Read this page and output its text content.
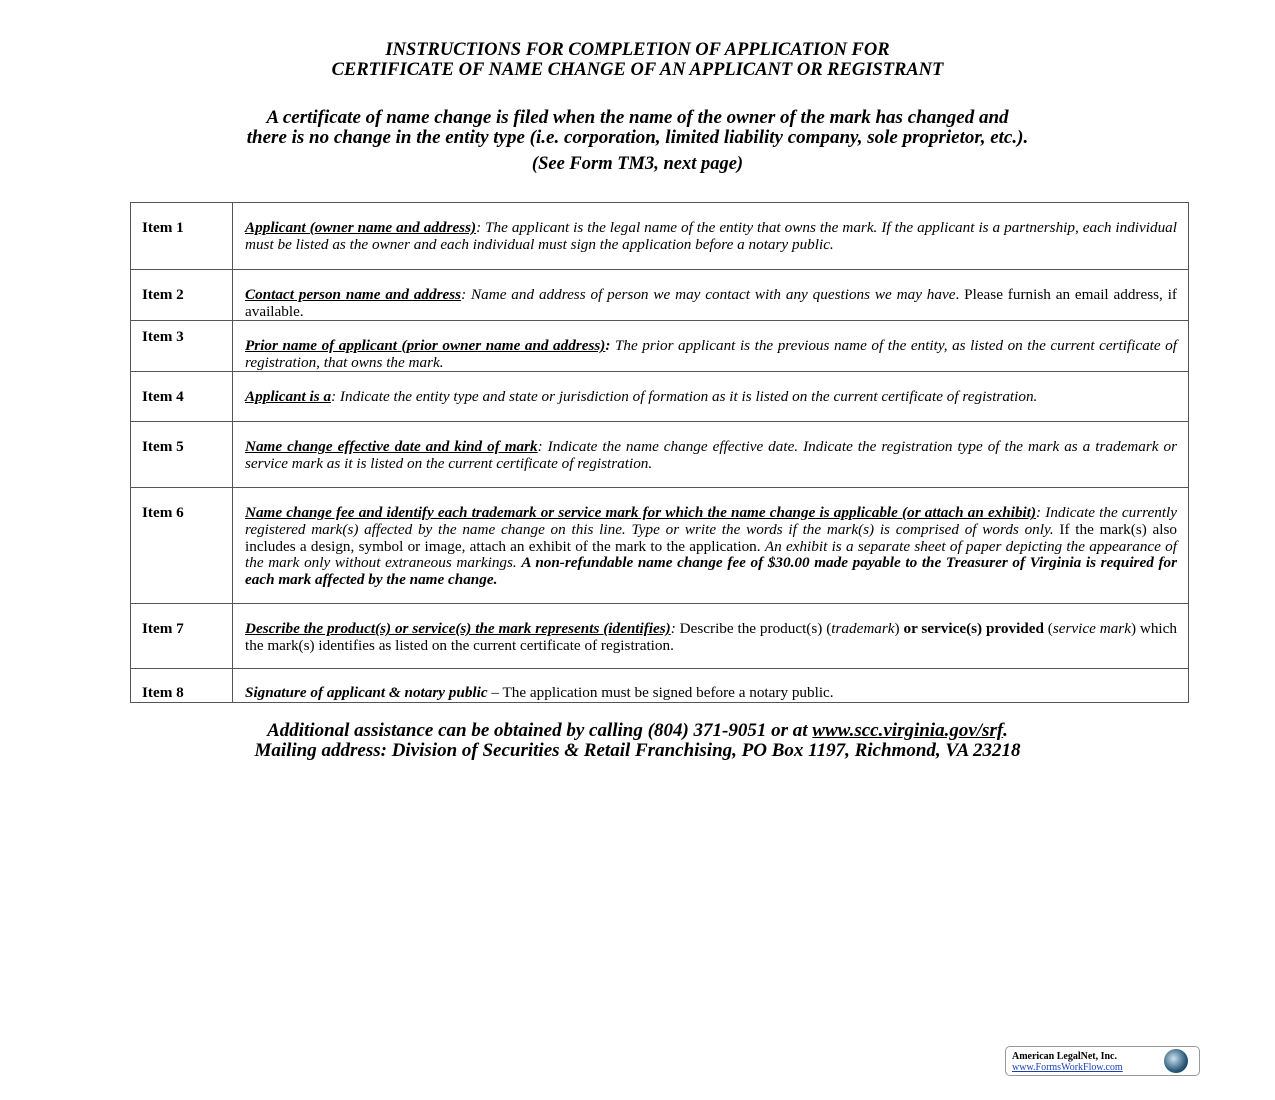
INSTRUCTIONS FOR COMPLETION OF APPLICATION FOR
CERTIFICATE OF NAME CHANGE OF AN APPLICANT OR REGISTRANT
A certificate of name change is filed when the name of the owner of the mark has changed and
there is no change in the entity type (i.e. corporation, limited liability company, sole proprietor, etc.).
(See Form TM3, next page)
Item 1	Applicant (owner name and address): The applicant is the legal name of the entity that owns the mark. If the applicant is a partnership, each individual must be listed as the owner and each individual must sign the application before a notary public.
Item 2	Contact person name and address: Name and address of person we may contact with any questions we may have. Please furnish an email address, if available.
Item 3	Prior name of applicant (prior owner name and address): The prior applicant is the previous name of the entity, as listed on the current certificate of registration, that owns the mark.
Item 4	Applicant is a: Indicate the entity type and state or jurisdiction of formation as it is listed on the current certificate of registration.
Item 5	Name change effective date and kind of mark: Indicate the name change effective date. Indicate the registration type of the mark as a trademark or service mark as it is listed on the current certificate of registration.
Item 6	Name change fee and identify each trademark or service mark for which the name change is applicable (or attach an exhibit): Indicate the currently registered mark(s) affected by the name change on this line. Type or write the words if the mark(s) is comprised of words only. If the mark(s) also includes a design, symbol or image, attach an exhibit of the mark to the application. An exhibit is a separate sheet of paper depicting the appearance of the mark only without extraneous markings. A non-refundable name change fee of $30.00 made payable to the Treasurer of Virginia is required for each mark affected by the name change.
Item 7	Describe the product(s) or service(s) the mark represents (identifies): Describe the product(s) (trademark) or service(s) provided (service mark) which the mark(s) identifies as listed on the current certificate of registration.
Item 8	Signature of applicant & notary public – The application must be signed before a notary public.
Additional assistance can be obtained by calling (804) 371-9051 or at www.scc.virginia.gov/srf.
Mailing address: Division of Securities & Retail Franchising, PO Box 1197, Richmond, VA 23218
American LegalNet, Inc.
www.FormsWorkFlow.com
